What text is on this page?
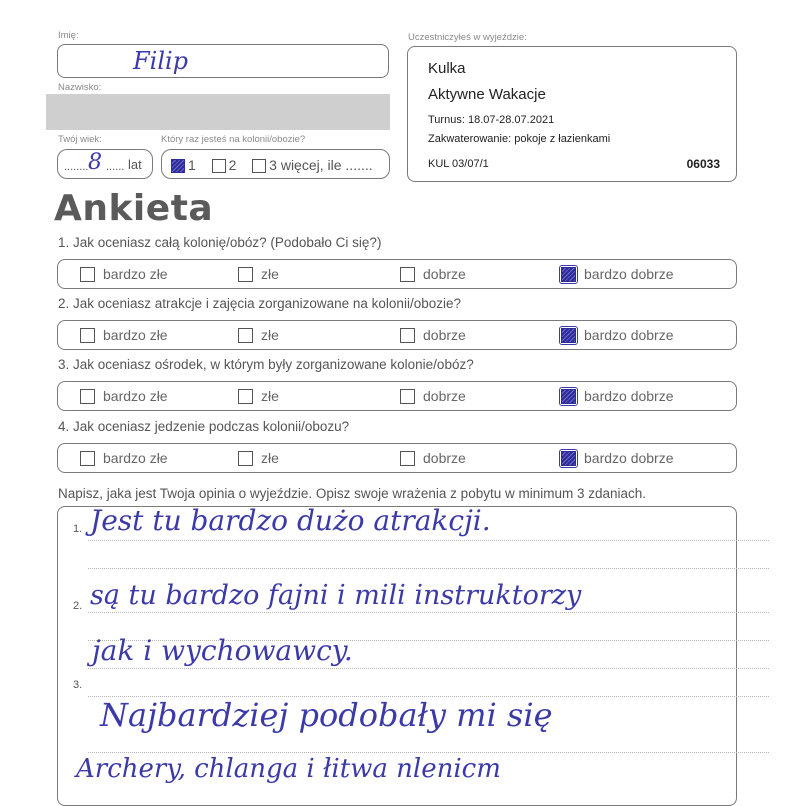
Imię:
Filip
Nazwisko:
Twój wiek:	Który raz jesteś na kolonii/obozie?
........ 8 ...... lat	1 2 3 więcej, ile .......
Uczestniczyłeś w wyjeździe:
Kulka
Aktywne Wakacje
Turnus: 18.07-28.07.2021
Zakwaterowanie: pokoje z łazienkami
KUL 03/07/1	06033
Ankieta
1. Jak oceniasz całą kolonię/obóz? (Podobało Ci się?)
bardzo złe	złe	dobrze	bardzo dobrze
2. Jak oceniasz atrakcje i zajęcia zorganizowane na kolonii/obozie?
bardzo złe	złe	dobrze	bardzo dobrze
3. Jak oceniasz ośrodek, w którym były zorganizowane kolonie/obóz?
bardzo złe	złe	dobrze	bardzo dobrze
4. Jak oceniasz jedzenie podczas kolonii/obozu?
bardzo złe	złe	dobrze	bardzo dobrze
Napisz, jaka jest Twoja opinia o wyjeździe. Opisz swoje wrażenia z pobytu w minimum 3 zdaniach.
1.
2.
3.
Jest tu bardzo dużo atrakcji.
są tu bardzo fajni i mili instruktorzy
jak i wychowawcy.
Najbardziej podobały mi się
Archery, chlanga i łitwa nlenicm
